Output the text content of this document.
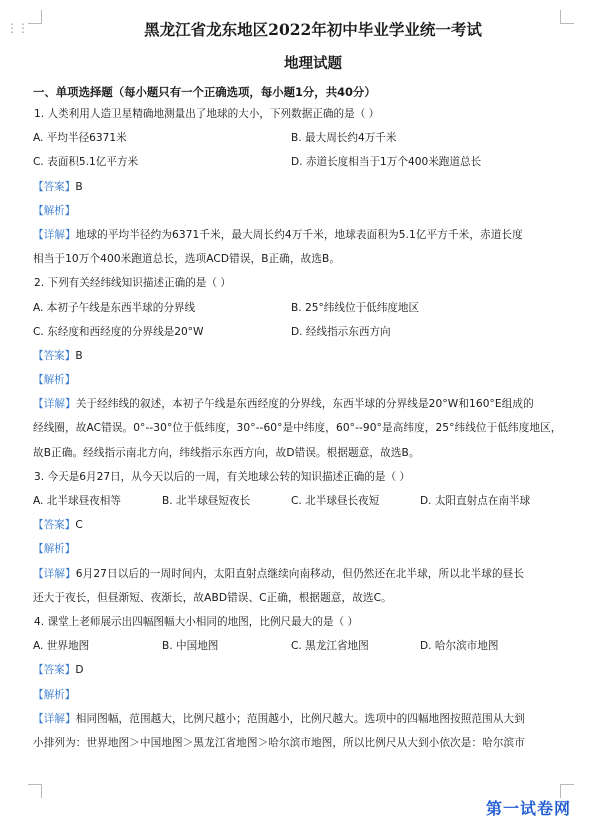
⋮⋮	黑龙江省龙东地区2022年初中毕业学业统一考试
地理试题
一、单项选择题（每小题只有一个正确选项，每小题1分，共40分）
1. 人类利用人造卫星精确地测量出了地球的大小，下列数据正确的是（ ）
A. 平均半径6371米	B. 最大周长约4万千米
C. 表面积5.1亿平方米	D. 赤道长度相当于1万个400米跑道总长
【答案】B
【解析】
【详解】地球的平均半径约为6371千米，最大周长约4万千米，地球表面积为5.1亿平方千米，赤道长度
相当于10万个400米跑道总长，选项ACD错误，B正确，故选B。
2. 下列有关经纬线知识描述正确的是（ ）
A. 本初子午线是东西半球的分界线	B. 25°纬线位于低纬度地区
C. 东经度和西经度的分界线是20°W	D. 经线指示东西方向
【答案】B
【解析】
【详解】关于经纬线的叙述，本初子午线是东西经度的分界线，东西半球的分界线是20°W和160°E组成的
经线圈，故AC错误。0°--30°位于低纬度，30°--60°是中纬度，60°--90°是高纬度，25°纬线位于低纬度地区，
故B正确。经线指示南北方向，纬线指示东西方向，故D错误。根据题意，故选B。
3. 今天是6月27日，从今天以后的一周，有关地球公转的知识描述正确的是（ ）
A. 北半球昼夜相等	B. 北半球昼短夜长	C. 北半球昼长夜短	D. 太阳直射点在南半球
【答案】C
【解析】
【详解】6月27日以后的一周时间内，太阳直射点继续向南移动，但仍然还在北半球，所以北半球的昼长
还大于夜长，但昼渐短、夜渐长，故ABD错误、C正确，根据题意，故选C。
4. 课堂上老师展示出四幅图幅大小相同的地图，比例尺最大的是（ ）
A. 世界地图	B. 中国地图	C. 黑龙江省地图	D. 哈尔滨市地图
【答案】D
【解析】
【详解】相同图幅，范围越大，比例尺越小；范围越小，比例尺越大。选项中的四幅地图按照范围从大到
小排列为：世界地图＞中国地图＞黑龙江省地图＞哈尔滨市地图，所以比例尺从大到小依次是：哈尔滨市
第一试卷网
